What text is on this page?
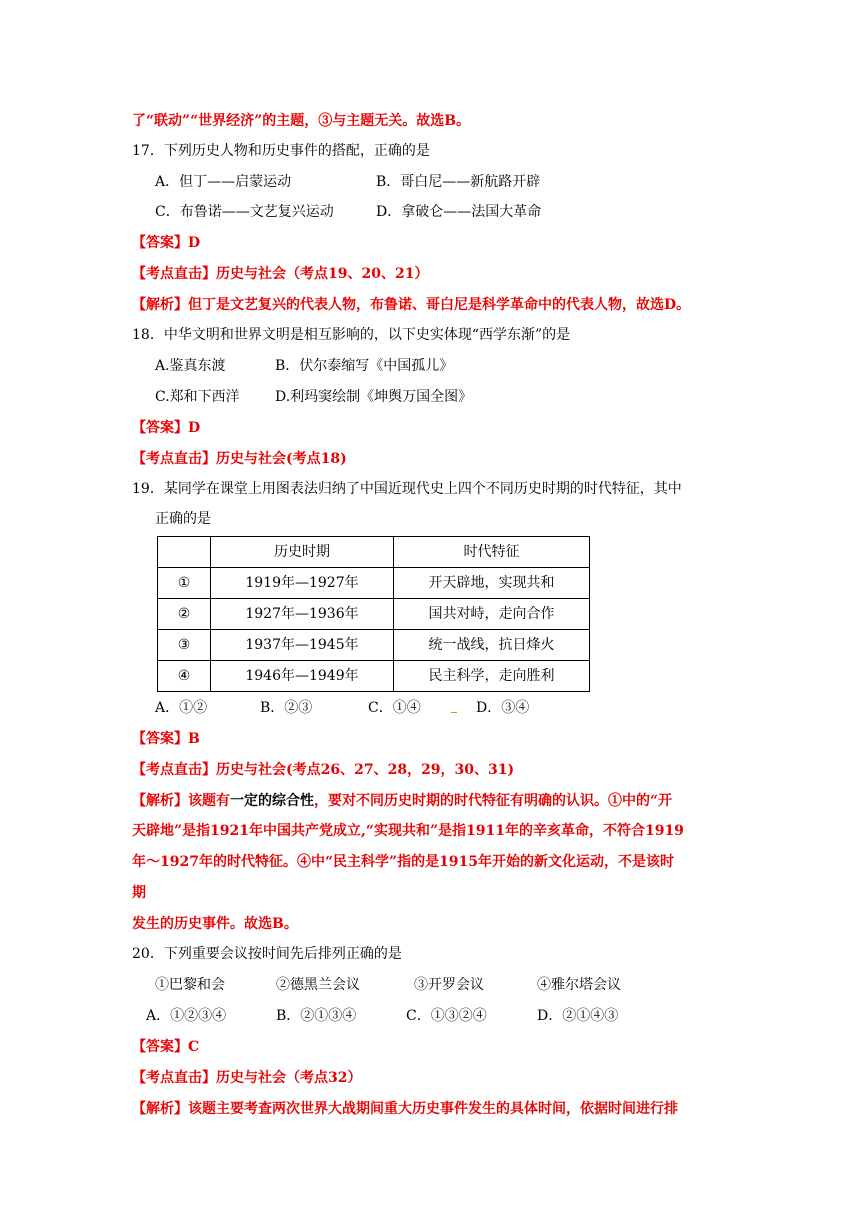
了“联动”“世界经济”的主题，③与主题无关。故选B。
17．下列历史人物和历史事件的搭配，正确的是
A．但丁——启蒙运动	B．哥白尼——新航路开辟
C．布鲁诺——文艺复兴运动	D．拿破仑——法国大革命
【答案】D
【考点直击】历史与社会（考点19、20、21）
【解析】但丁是文艺复兴的代表人物，布鲁诺、哥白尼是科学革命中的代表人物，故选D。
18．中华文明和世界文明是相互影响的，以下史实体现“西学东渐”的是
A.鉴真东渡	B．伏尔泰缩写《中国孤儿》
C.郑和下西洋	D.利玛窦绘制《坤舆万国全图》
【答案】D
【考点直击】历史与社会(考点18)
19．某同学在课堂上用图表法归纳了中国近现代史上四个不同历史时期的时代特征，其中
正确的是
	历史时期	时代特征
①	1919年—1927年	开天辟地，实现共和
②	1927年—1936年	国共对峙，走向合作
③	1937年—1945年	统一战线，抗日烽火
④	1946年—1949年	民主科学，走向胜利
A．①②	B．②③	C．①④	D．③④
【答案】B
【考点直击】历史与社会(考点26、27、28，29，30、31)
【解析】该题有一定的综合性，要对不同历史时期的时代特征有明确的认识。①中的“开
天辟地”是指1921年中国共产党成立,“实现共和”是指1911年的辛亥革命，不符合1919
年～1927年的时代特征。④中“民主科学”指的是1915年开始的新文化运动，不是该时
期
发生的历史事件。故选B。
20．下列重要会议按时间先后排列正确的是
①巴黎和会	②德黑兰会议	③开罗会议	④雅尔塔会议
A．①②③④	B．②①③④	C．①③②④	D．②①④③
【答案】C
【考点直击】历史与社会（考点32）
【解析】该题主要考查两次世界大战期间重大历史事件发生的具体时间，依据时间进行排
